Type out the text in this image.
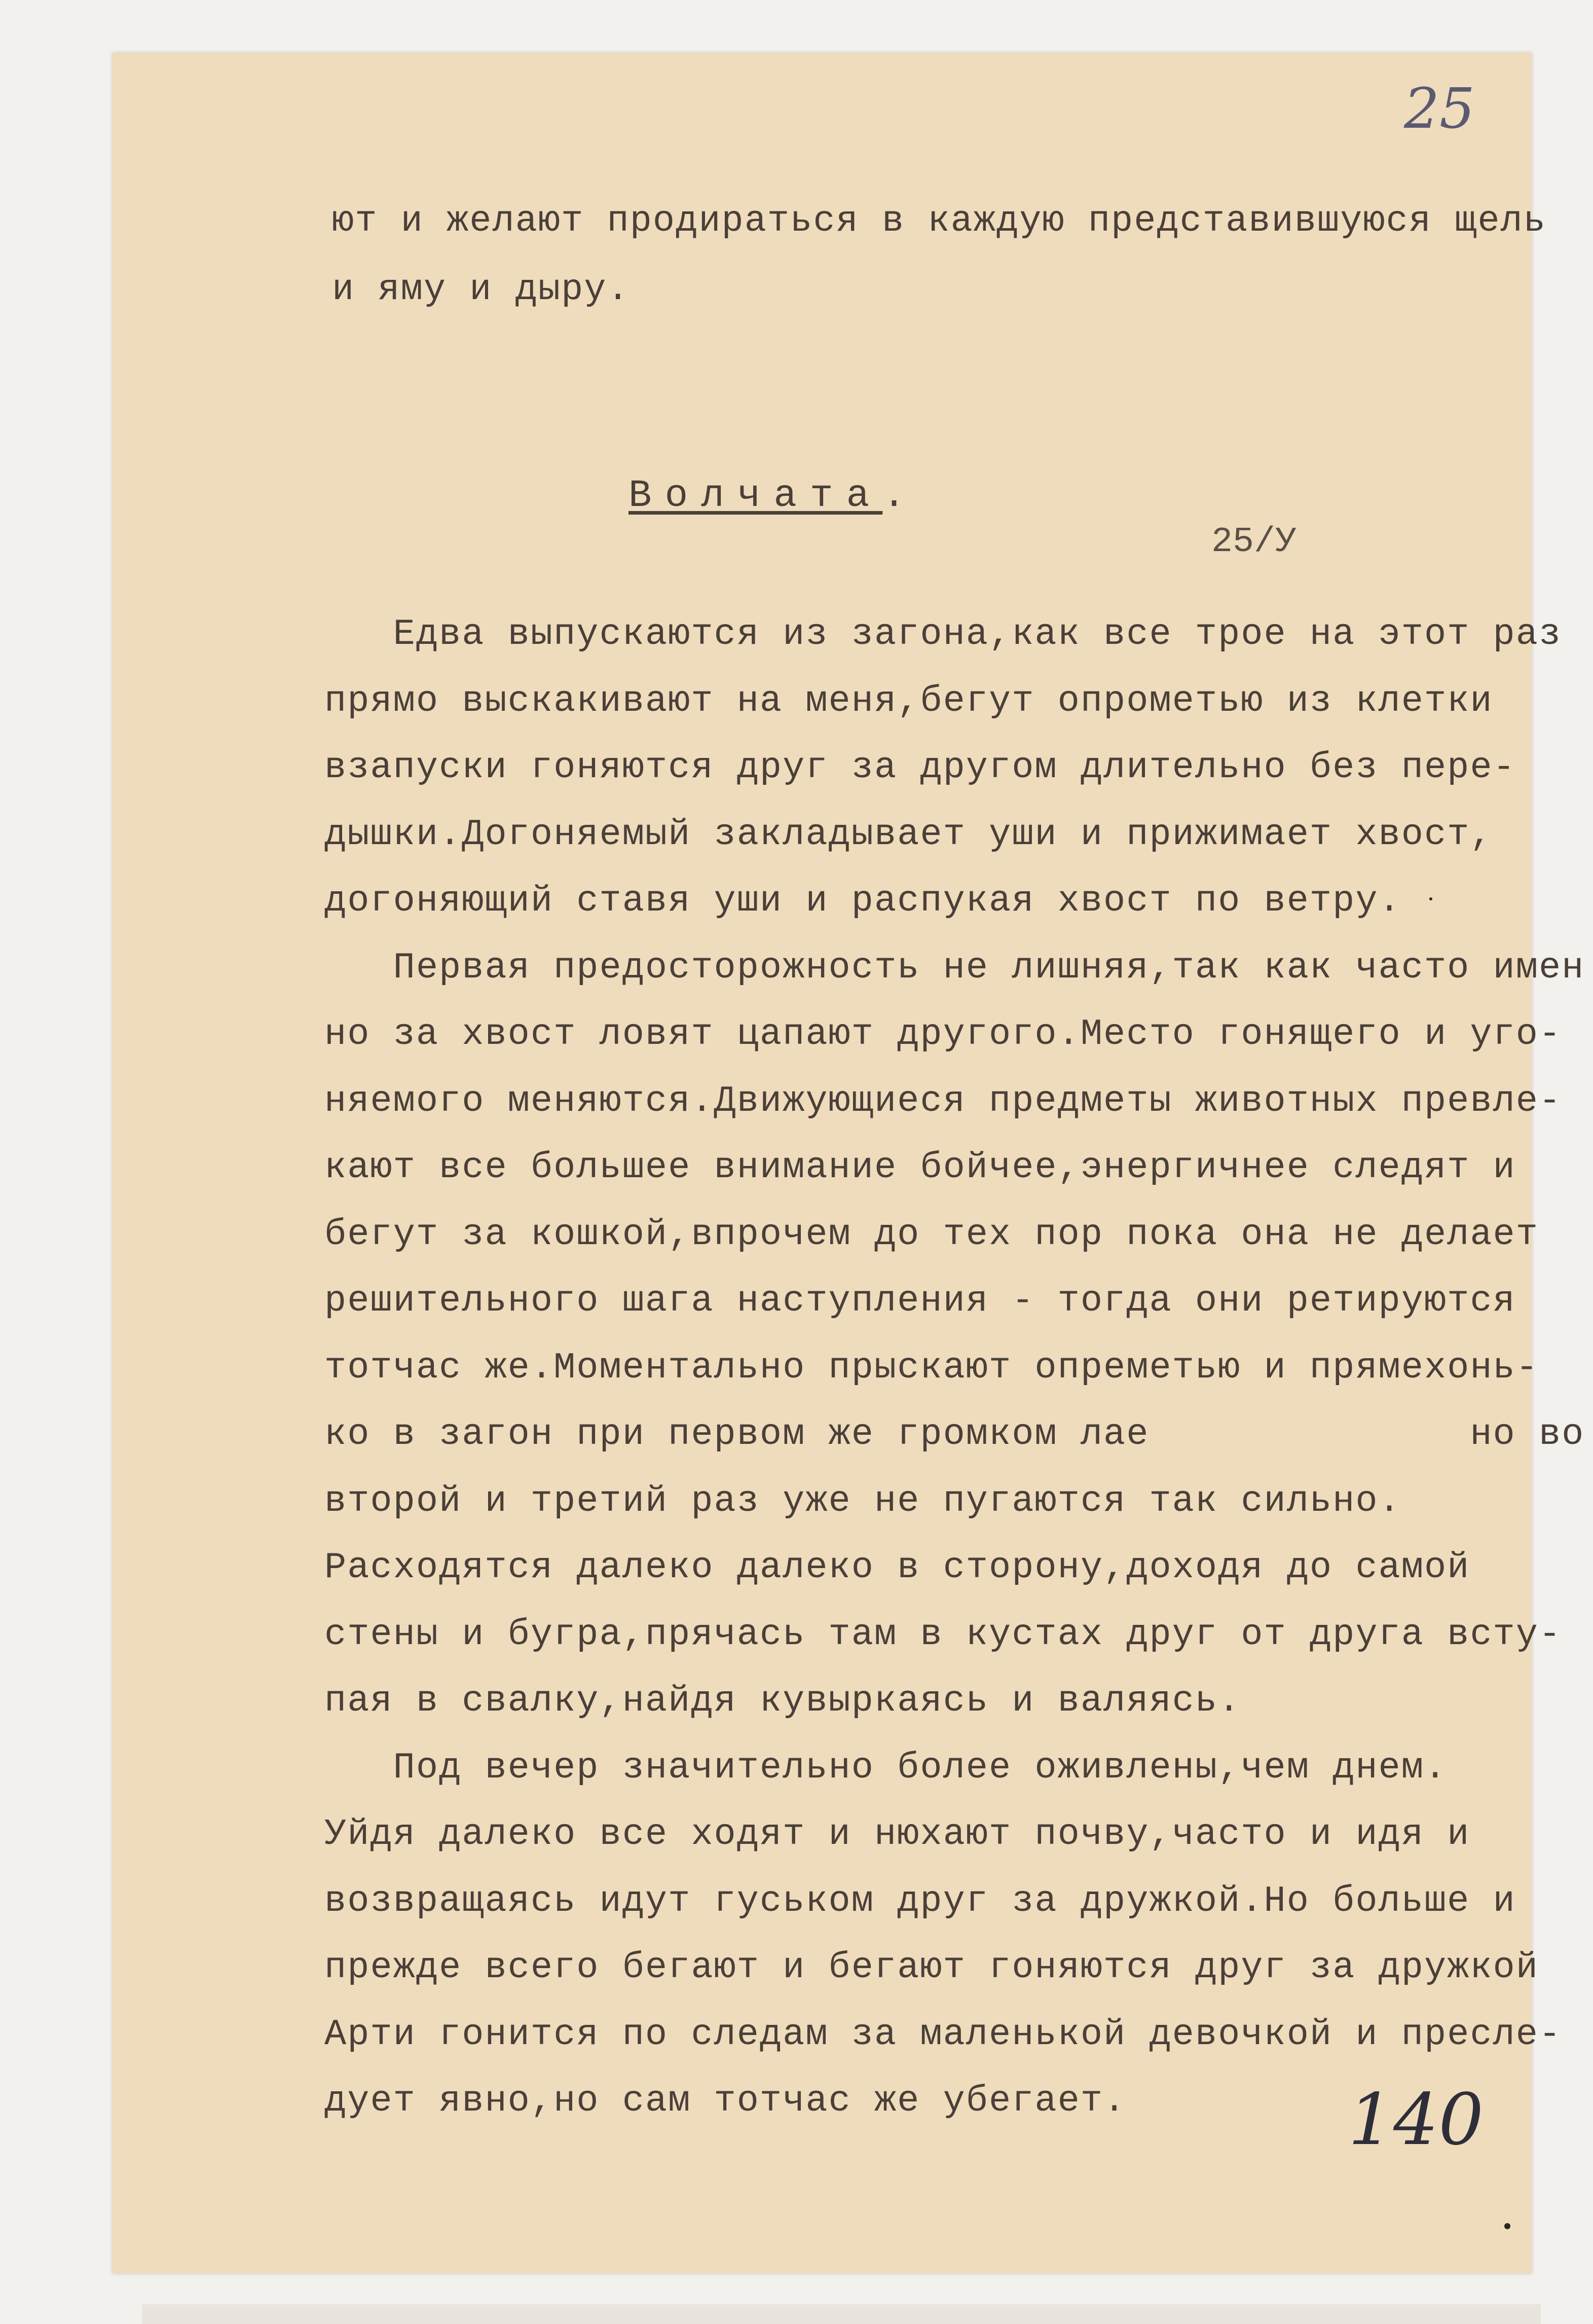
25
ют и желают продираться в каждую представившуюся щель
и яму и дыру.
Волчата.
25/У
Едва выпускаются из загона,как все трое на этот раз
прямо выскакивают на меня,бегут опрометью из клетки
взапуски гоняются друг за другом длительно без пере-
дышки.Догоняемый закладывает уши и прижимает хвост,
догоняющий ставя уши и распукая хвост по ветру.
Первая предосторожность не лишняя,так как часто имен
но за хвост ловят цапают другого.Место гонящего и уго-
няемого меняются.Движующиеся предметы животных превле-
кают все большее внимание бойчее,энергичнее следят и
бегут за кошкой,впрочем до тех пор пока она не делает
решительного шага наступления - тогда они ретируются
тотчас же.Моментально прыскают опреметью и прямехонь-
ко в загон при первом же громком лае              но во
второй и третий раз уже не пугаются так сильно.
Расходятся далеко далеко в сторону,доходя до самой
стены и бугра,прячась там в кустах друг от друга всту-
пая в свалку,найдя кувыркаясь и валяясь.
Под вечер значительно более оживлены,чем днем.
Уйдя далеко все ходят и нюхают почву,часто и идя и
возвращаясь идут гуськом друг за дружкой.Но больше и
прежде всего бегают и бегают гоняются друг за дружкой
Арти гонится по следам за маленькой девочкой и пресле-
дует явно,но сам тотчас же убегает.	140
